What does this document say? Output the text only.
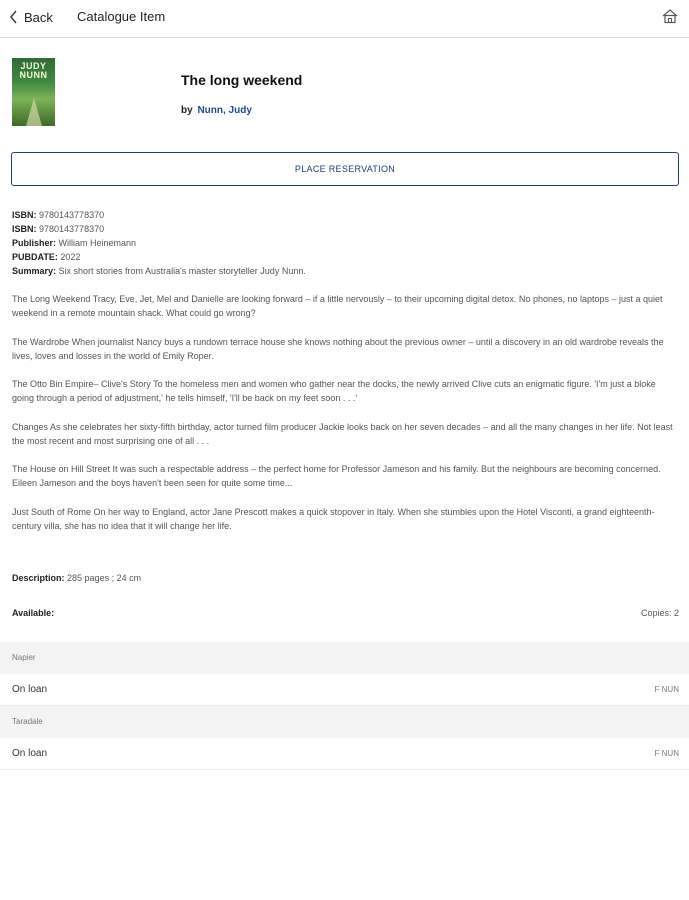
Back Catalogue Item
JUDY NUNN	The long weekend
by Nunn, Judy
PLACE RESERVATION
ISBN: 9780143778370
ISBN: 9780143778370
Publisher: William Heinemann
PUBDATE: 2022
Summary: Six short stories from Australia's master storyteller Judy Nunn.
The Long Weekend Tracy, Eve, Jet, Mel and Danielle are looking forward – if a little nervously – to their upcoming digital detox. No phones, no laptops – just a quiet weekend in a remote mountain shack. What could go wrong?
The Wardrobe When journalist Nancy buys a rundown terrace house she knows nothing about the previous owner – until a discovery in an old wardrobe reveals the lives, loves and losses in the world of Emily Roper.
The Otto Bin Empire– Clive's Story To the homeless men and women who gather near the docks, the newly arrived Clive cuts an enigmatic figure. 'I'm just a bloke going through a period of adjustment,' he tells himself, 'I'll be back on my feet soon . . .'
Changes As she celebrates her sixty-fifth birthday, actor turned film producer Jackie looks back on her seven decades – and all the many changes in her life. Not least the most recent and most surprising one of all . . .
The House on Hill Street It was such a respectable address – the perfect home for Professor Jameson and his family. But the neighbours are becoming concerned. Eileen Jameson and the boys haven't been seen for quite some time...
Just South of Rome On her way to England, actor Jane Prescott makes a quick stopover in Italy. When she stumbles upon the Hotel Visconti, a grand eighteenth-century villa, she has no idea that it will change her life.
Description: 285 pages ; 24 cm
Available:	Copies: 2
Napier
On loan	F NUN
Taradale
On loan	F NUN
